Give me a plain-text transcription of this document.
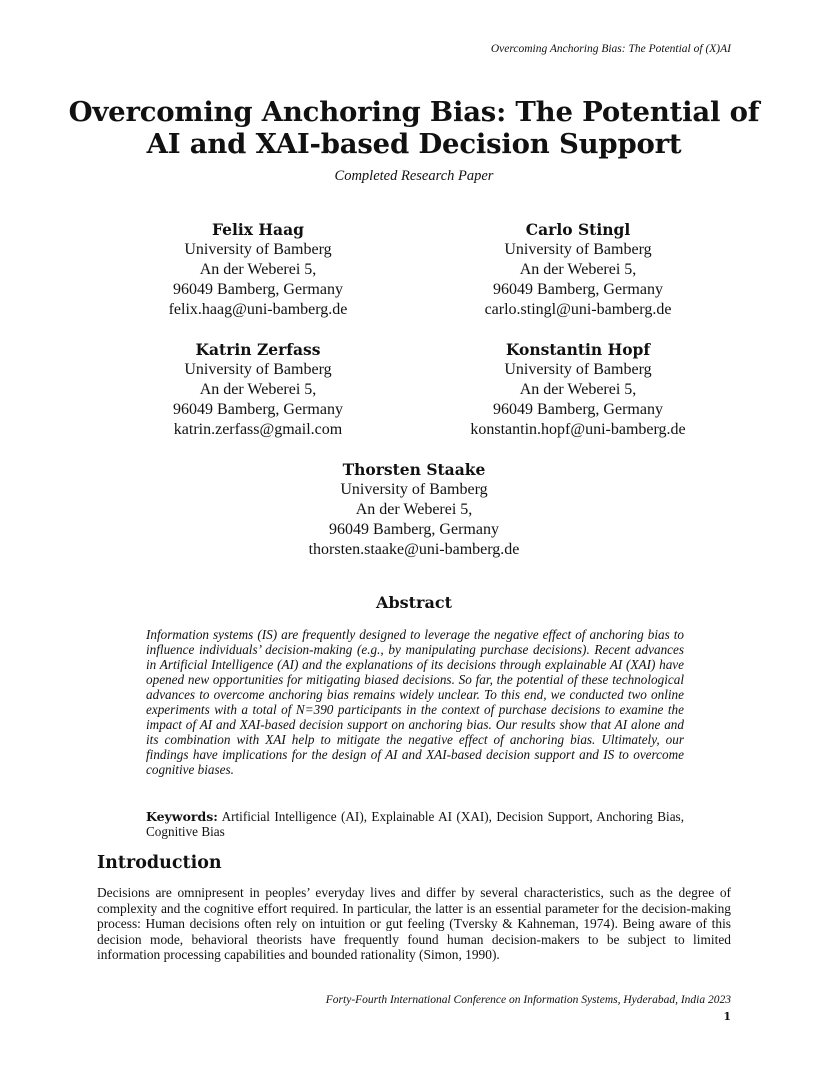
Overcoming Anchoring Bias: The Potential of (X)AI
Overcoming Anchoring Bias: The Potential of AI and XAI-based Decision Support
Completed Research Paper
Felix Haag
University of Bamberg
An der Weberei 5,
96049 Bamberg, Germany
felix.haag@uni-bamberg.de
Carlo Stingl
University of Bamberg
An der Weberei 5,
96049 Bamberg, Germany
carlo.stingl@uni-bamberg.de
Katrin Zerfass
University of Bamberg
An der Weberei 5,
96049 Bamberg, Germany
katrin.zerfass@gmail.com
Konstantin Hopf
University of Bamberg
An der Weberei 5,
96049 Bamberg, Germany
konstantin.hopf@uni-bamberg.de
Thorsten Staake
University of Bamberg
An der Weberei 5,
96049 Bamberg, Germany
thorsten.staake@uni-bamberg.de
Abstract

Information systems (IS) are frequently designed to leverage the negative effect of anchoring bias to influence individuals’ decision-making (e.g., by manipulating purchase decisions). Recent advances in Artificial Intelligence (AI) and the explanations of its decisions through explainable AI (XAI) have opened new opportunities for mitigating biased decisions. So far, the potential of these technological advances to overcome anchoring bias remains widely unclear. To this end, we conducted two online experiments with a total of N=390 participants in the context of purchase decisions to examine the impact of AI and XAI-based decision support on anchoring bias. Our results show that AI alone and its combination with XAI help to mitigate the negative effect of anchoring bias. Ultimately, our findings have implications for the design of AI and XAI-based decision support and IS to overcome cognitive biases.

Keywords: Artificial Intelligence (AI), Explainable AI (XAI), Decision Support, Anchoring Bias, Cognitive Bias

Introduction

Decisions are omnipresent in peoples’ everyday lives and differ by several characteristics, such as the degree of complexity and the cognitive effort required. In particular, the latter is an essential parameter for the decision-making process: Human decisions often rely on intuition or gut feeling (Tversky & Kahneman, 1974). Being aware of this decision mode, behavioral theorists have frequently found human decision-makers to be subject to limited information processing capabilities and bounded rationality (Simon, 1990).

Forty-Fourth International Conference on Information Systems, Hyderabad, India 2023
1
